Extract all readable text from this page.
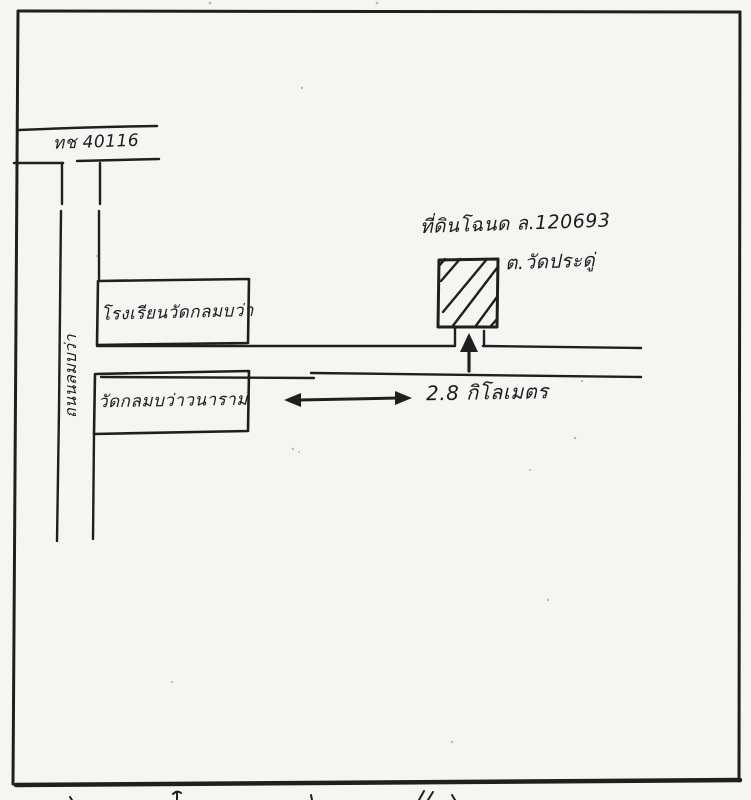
ทช 40116
ถนนลมบว่า
โรงเรียนวัดกลมบว่า
วัดกลมบว่าวนาราม
ที่ดินโฉนด ล.120693
ต.วัดประดู่
2.8 กิโลเมตร
